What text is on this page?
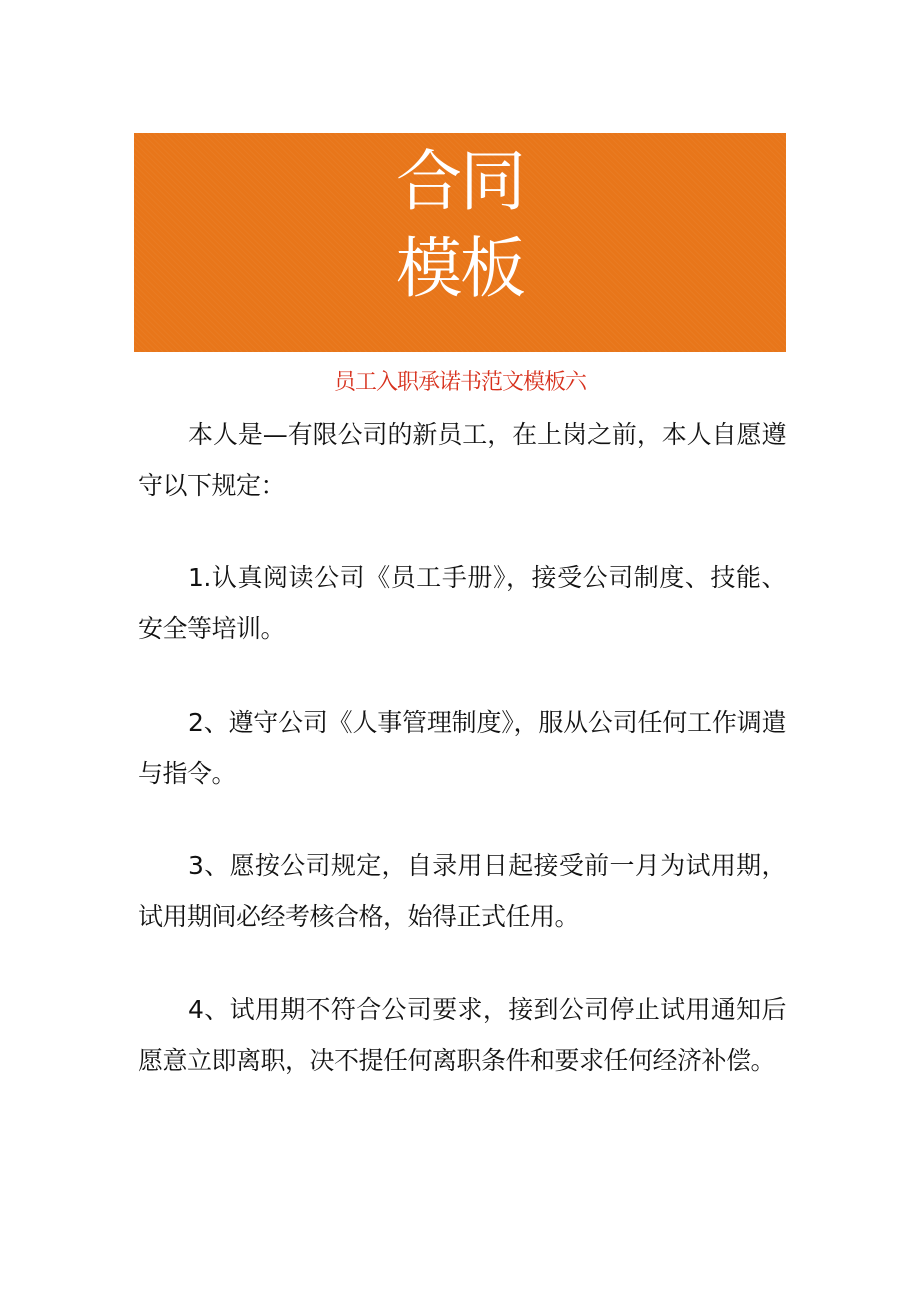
合同
模板
员工入职承诺书范文模板六
本人是—有限公司的新员工，在上岗之前，本人自愿遵守以下规定：
1.认真阅读公司《员工手册》，接受公司制度、技能、安全等培训。
2、遵守公司《人事管理制度》，服从公司任何工作调遣与指令。
3、愿按公司规定，自录用日起接受前一月为试用期，试用期间必经考核合格，始得正式任用。
4、试用期不符合公司要求，接到公司停止试用通知后愿意立即离职，决不提任何离职条件和要求任何经济补偿。
